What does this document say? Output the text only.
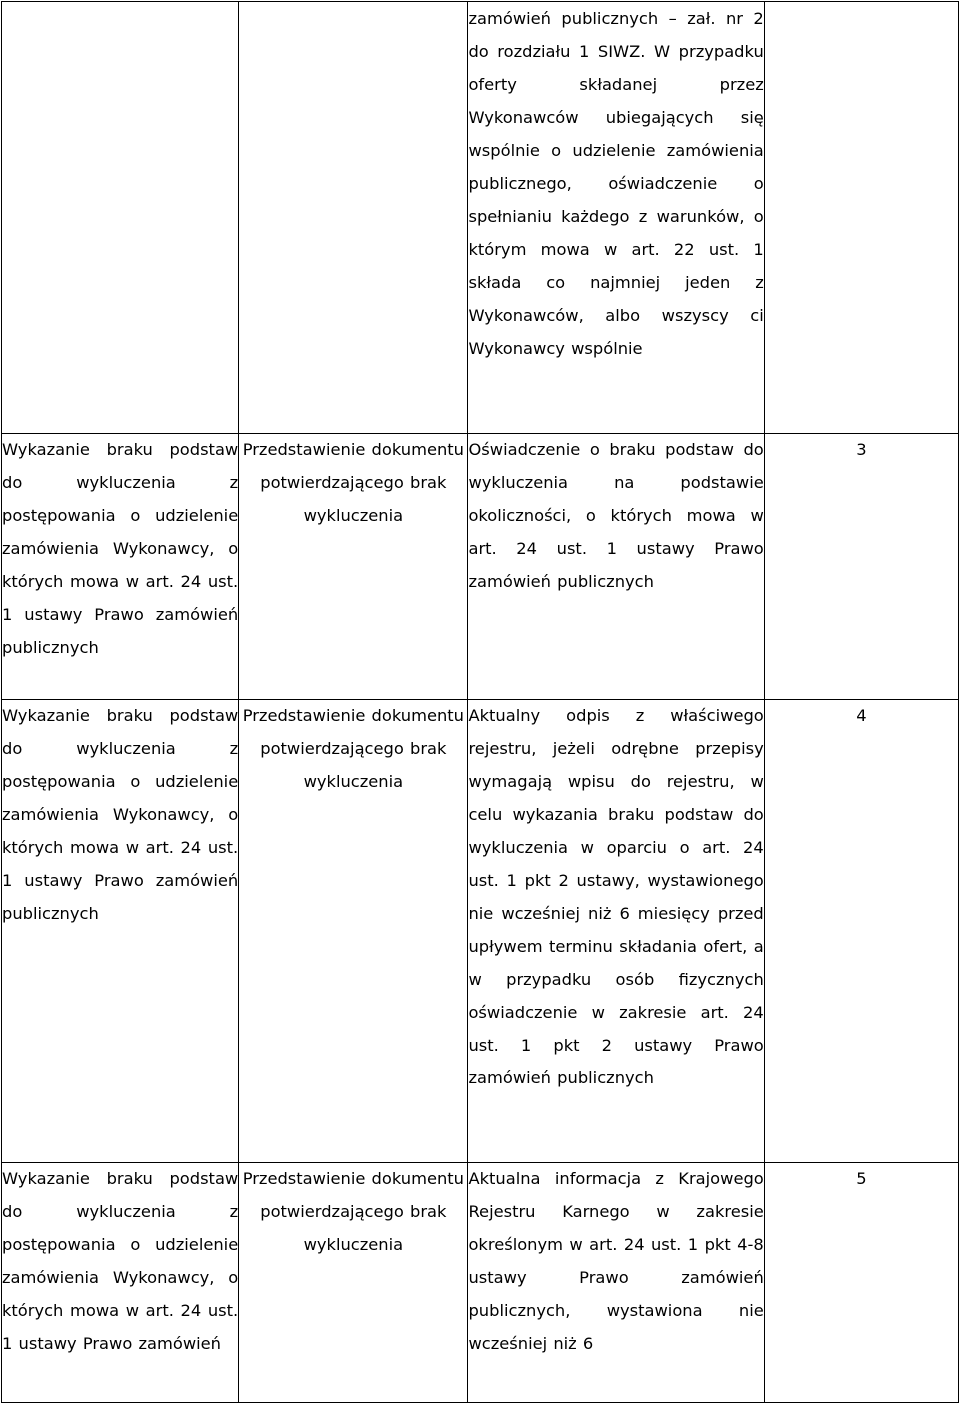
		zamówień publicznych – zał. nr 2 do rozdziału 1 SIWZ. W przypadku oferty składanej przez Wykonawców ubiegających się wspólnie o udzielenie zamówienia publicznego, oświadczenie o spełnianiu każdego z warunków, o którym mowa w art. 22 ust. 1 składa co najmniej jeden z Wykonawców, albo wszyscy ci Wykonawcy wspólnie	
Wykazanie braku podstaw do wykluczenia z postępowania o udzielenie zamówienia Wykonawcy, o których mowa w art. 24 ust. 1 ustawy Prawo zamówień publicznych	Przedstawienie dokumentu potwierdzającego brak wykluczenia	Oświadczenie o braku podstaw do wykluczenia na podstawie okoliczności, o których mowa w art. 24 ust. 1 ustawy Prawo zamówień publicznych	3
Wykazanie braku podstaw do wykluczenia z postępowania o udzielenie zamówienia Wykonawcy, o których mowa w art. 24 ust. 1 ustawy Prawo zamówień publicznych	Przedstawienie dokumentu potwierdzającego brak wykluczenia	Aktualny odpis z właściwego rejestru, jeżeli odrębne przepisy wymagają wpisu do rejestru, w celu wykazania braku podstaw do wykluczenia w oparciu o art. 24 ust. 1 pkt 2 ustawy, wystawionego nie wcześniej niż 6 miesięcy przed upływem terminu składania ofert, a w przypadku osób fizycznych oświadczenie w zakresie art. 24 ust. 1 pkt 2 ustawy Prawo zamówień publicznych	4
Wykazanie braku podstaw do wykluczenia z postępowania o udzielenie zamówienia Wykonawcy, o których mowa w art. 24 ust. 1 ustawy Prawo zamówień	Przedstawienie dokumentu potwierdzającego brak wykluczenia	Aktualna informacja z Krajowego Rejestru Karnego w zakresie określonym w art. 24 ust. 1 pkt 4-8 ustawy Prawo zamówień publicznych, wystawiona nie wcześniej niż 6	5
